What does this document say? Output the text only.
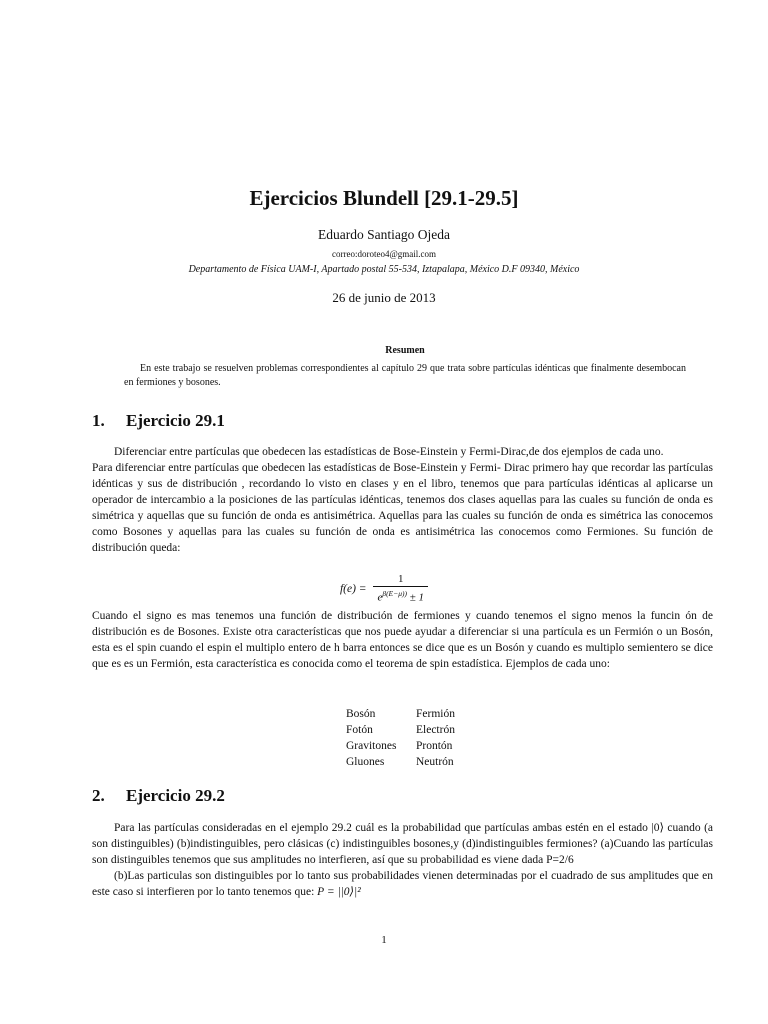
Ejercicios Blundell [29.1-29.5]
Eduardo Santiago Ojeda
correo:doroteo4@gmail.com
Departamento de Física UAM-I, Apartado postal 55-534, Iztapalapa, México D.F 09340, México
26 de junio de 2013
Resumen
En este trabajo se resuelven problemas correspondientes al capítulo 29 que trata sobre partículas idénticas que finalmente desembocan en fermiones y bosones.
1. Ejercicio 29.1

Diferenciar entre partículas que obedecen las estadísticas de Bose-Einstein y Fermi-Dirac,de dos ejemplos de cada uno.

Para diferenciar entre partículas que obedecen las estadísticas de Bose-Einstein y Fermi- Dirac primero hay que recordar las partículas idénticas y sus de distribución , recordando lo visto en clases y en el libro, tenemos que para partículas idénticas al aplicarse un operador de intercambio a la posiciones de las partículas idénticas, tenemos dos clases aquellas para las cuales su función de onda es simétrica y aquellas que su función de onda es antisimétrica. Aquellas para las cuales su función de onda es simétrica las conocemos como Bosones y aquellas para las cuales su función de onda es antisimétrica las conocemos como Fermiones. Su función de distribución queda:

$f(e) = \frac{1}{e^{\beta(E-\mu))} \pm 1}$

Cuando el signo es mas tenemos una función de distribución de fermiones y cuando tenemos el signo menos la funcin ón de distribución es de Bosones. Existe otra características que nos puede ayudar a diferenciar si una partícula es un Fermión o un Bosón, esta es el spin cuando el espin el multiplo entero de h barra entonces se dice que es un Bosón y cuando es multiplo semientero se dice que es es un Fermión, esta característica es conocida como el teorema de spin estadística. Ejemplos de cada uno:

Bosón	Fermión
Fotón	Electrón
Gravitones	Prontón
Gluones	Neutrón
2. Ejercicio 29.2

Para las partículas consideradas en el ejemplo 29.2 cuál es la probabilidad que partículas ambas estén en el estado |0⟩ cuando (a son distinguibles) (b)indistinguibles, pero clásicas (c) indistinguibles bosones,y (d)indistinguibles fermiones? (a)Cuando las partículas son distinguibles tenemos que sus amplitudes no interfieren, así que su probabilidad es viene dada P=2/6

(b)Las particulas son distinguibles por lo tanto sus probabilidades vienen determinadas por el cuadrado de sus amplitudes que en este caso si interfieren por lo tanto tenemos que: P = ||0⟩|²

1
